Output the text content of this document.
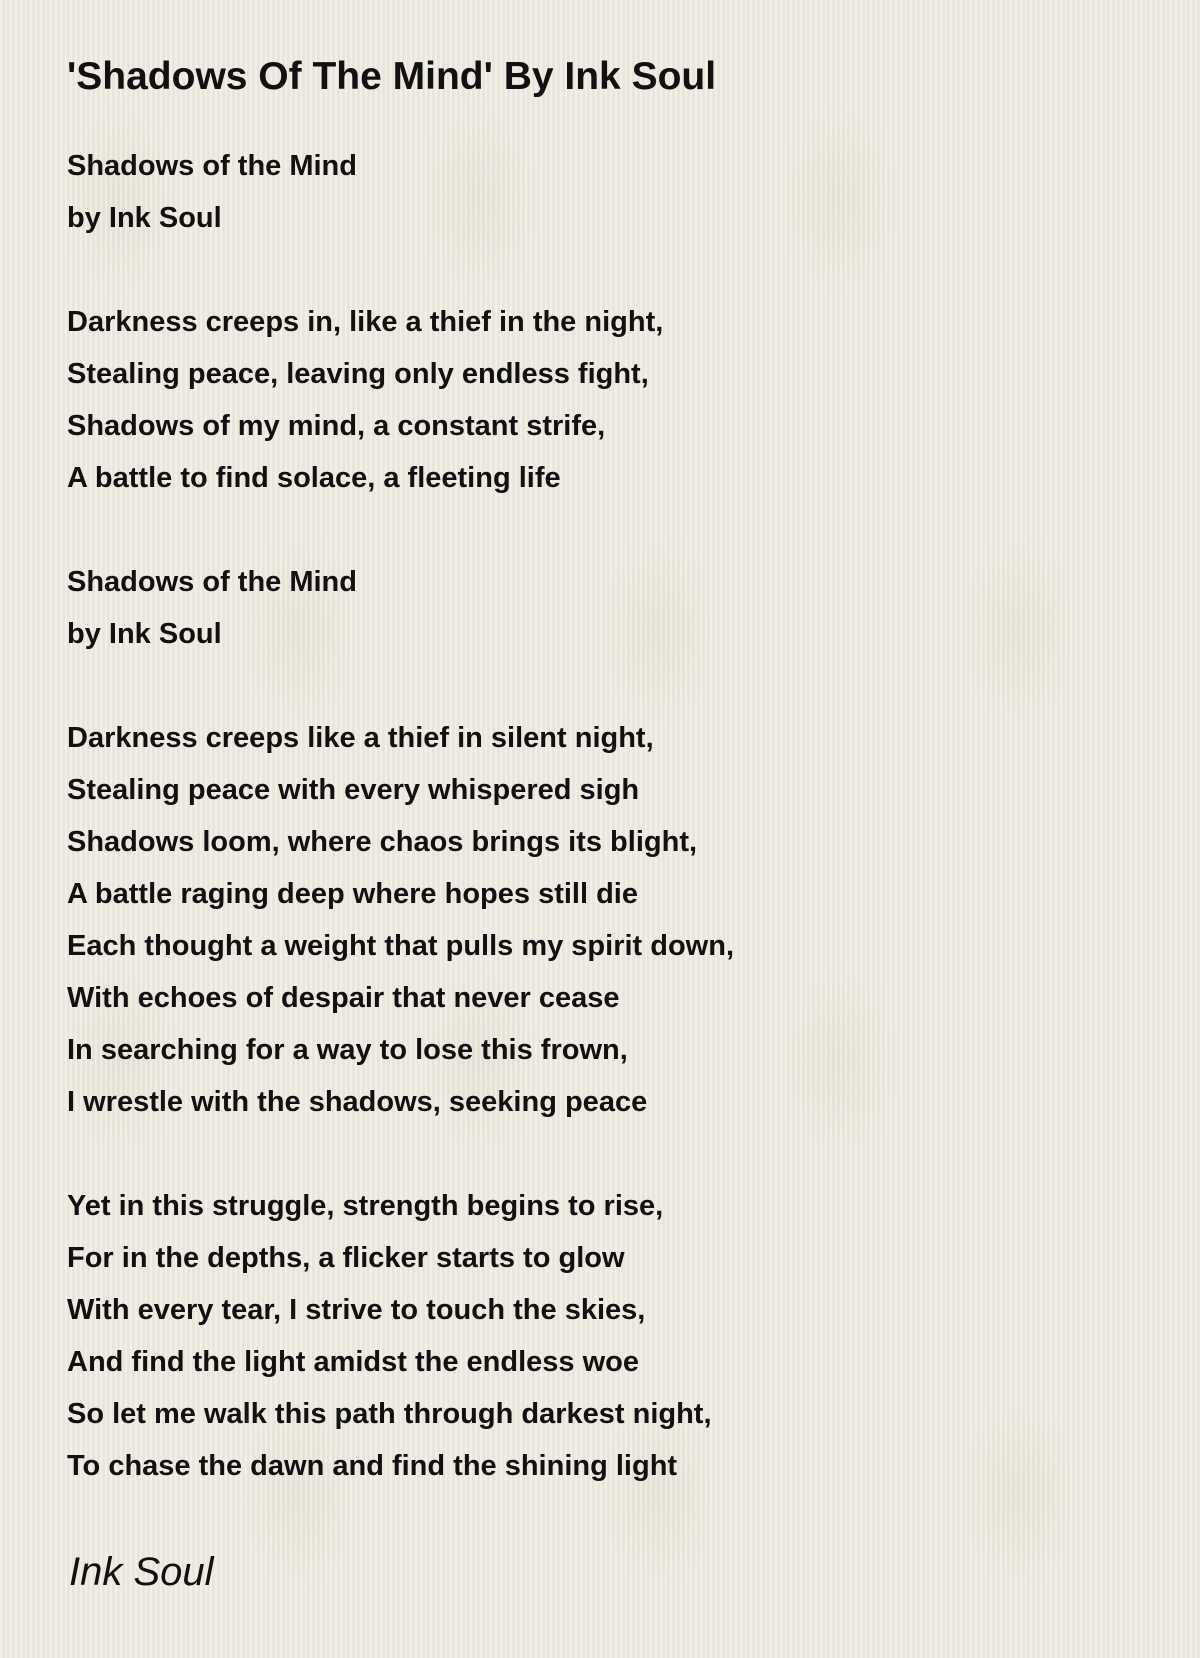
'Shadows Of The Mind' By Ink Soul
Shadows of the Mind
by Ink Soul
Darkness creeps in, like a thief in the night,
Stealing peace, leaving only endless fight,
Shadows of my mind, a constant strife,
A battle to find solace, a fleeting life
Shadows of the Mind
by Ink Soul
Darkness creeps like a thief in silent night,
Stealing peace with every whispered sigh
Shadows loom, where chaos brings its blight,
A battle raging deep where hopes still die
Each thought a weight that pulls my spirit down,
With echoes of despair that never cease
In searching for a way to lose this frown,
I wrestle with the shadows, seeking peace
Yet in this struggle, strength begins to rise,
For in the depths, a flicker starts to glow
With every tear, I strive to touch the skies,
And find the light amidst the endless woe
So let me walk this path through darkest night,
To chase the dawn and find the shining light
Ink Soul
